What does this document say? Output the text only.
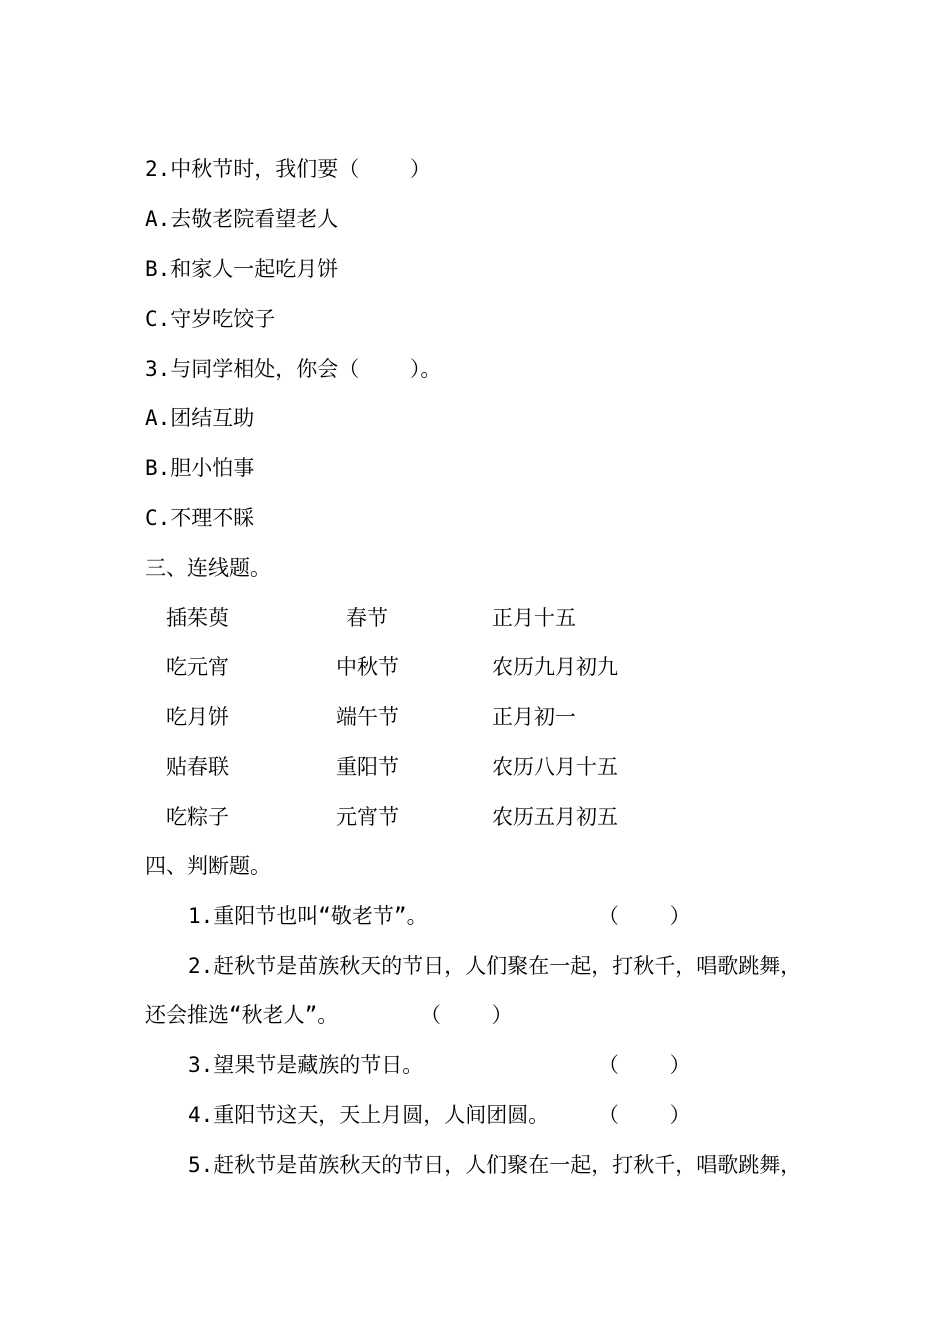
2.中秋节时，我们要（    ）
A.去敬老院看望老人
B.和家人一起吃月饼
C.守岁吃饺子
3.与同学相处，你会（    ）。
A.团结互助
B.胆小怕事
C.不理不睬
三、连线题。
插茱萸	春节	正月十五
吃元宵	中秋节	农历九月初九
吃月饼	端午节	正月初一
贴春联	重阳节	农历八月十五
吃粽子	元宵节	农历五月初五
四、判断题。
1.重阳节也叫“敬老节”。	（    ）
2.赶秋节是苗族秋天的节日，人们聚在一起，打秋千，唱歌跳舞，
还会推选“秋老人”。	（    ）
3.望果节是藏族的节日。	（    ）
4.重阳节这天，天上月圆，人间团圆。 （    ）
5.赶秋节是苗族秋天的节日，人们聚在一起，打秋千，唱歌跳舞，
